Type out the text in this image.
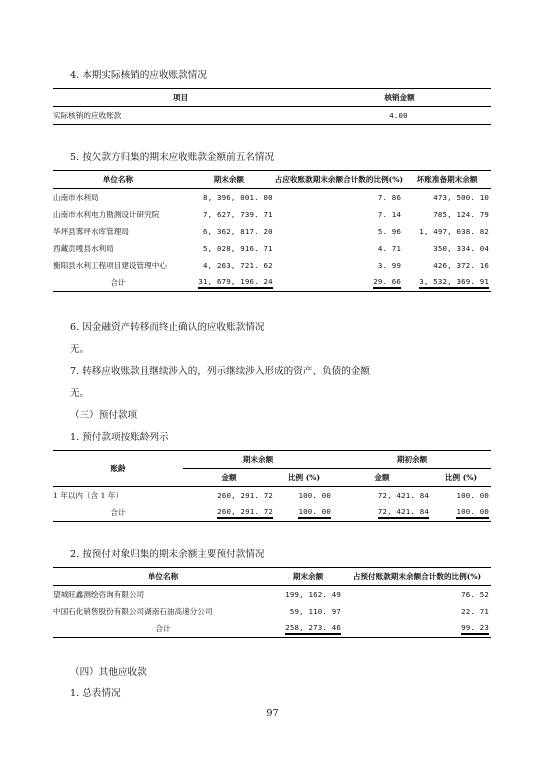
4. 本期实际核销的应收账款情况
项目	核销金额
实际核销的应收账款	4.00
5. 按欠款方归集的期末应收账款金额前五名情况
单位名称	期末余额	占应收账款期末余额合计数的比例(%)	坏账准备期末余额
山南市水利局	8, 396, 001. 00	7. 86	473, 500. 10
山南市水利电力勘测设计研究院	7, 627, 739. 71	7. 14	785, 124. 79
华坪县雾坪水库管理局	6, 362, 817. 20	5. 96	1, 497, 038. 82
西藏贡嘎县水利局	5, 028, 916. 71	4. 71	350, 334. 04
衡阳县水利工程项目建设管理中心	4, 263, 721. 62	3. 99	426, 372. 16
合计	31, 679, 196. 24	29. 66	3, 532, 369. 91
6. 因金融资产转移而终止确认的应收账款情况
无。
7. 转移应收账款且继续涉入的，列示继续涉入形成的资产、负债的金额
无。
（三）预付款项
1. 预付款项按账龄列示
账龄	期末余额		期初余额	
	金额	比例 (%)	金额	比例 (%)
1 年以内（含 1 年）	260, 291. 72	100. 00	72, 421. 84	100. 00
合计	260, 291. 72	100. 00	72, 421. 84	100. 00
2. 按预付对象归集的期末余额主要预付款情况
单位名称	期末余额	占预付账款期末余额合计数的比例(%)
望城旺鑫测绘咨询有限公司	199, 162. 49	76. 52
中国石化销售股份有限公司湖南石油高速分公司	59, 110. 97	22. 71
合计	258, 273. 46	99. 23
（四）其他应收款
1. 总表情况
97
